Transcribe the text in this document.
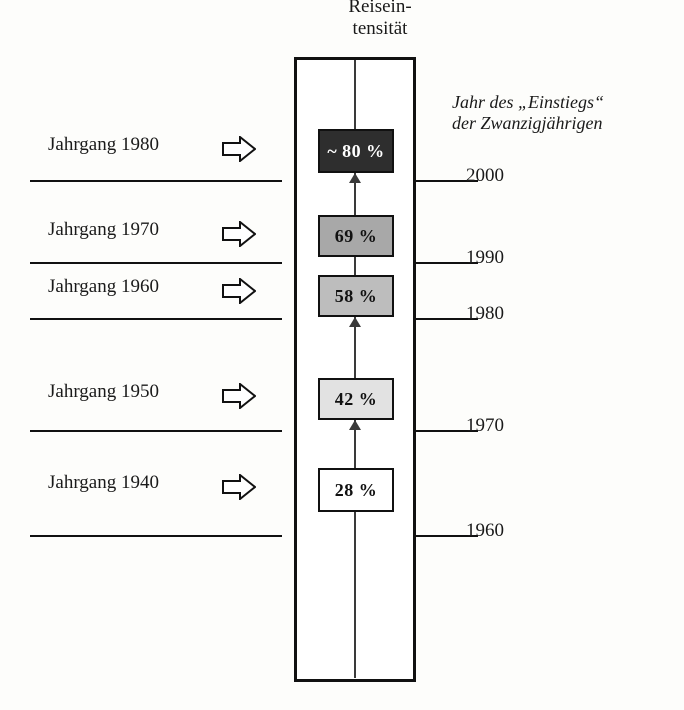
Reisein-
tensität
Jahr des „Einstiegs“
der Zwanzigjährigen
Jahrgang 1980	~ 80 %
2000
Jahrgang 1970	69 %
1990
Jahrgang 1960	58 %
1980
Jahrgang 1950	42 %
1970
Jahrgang 1940	28 %
1960
